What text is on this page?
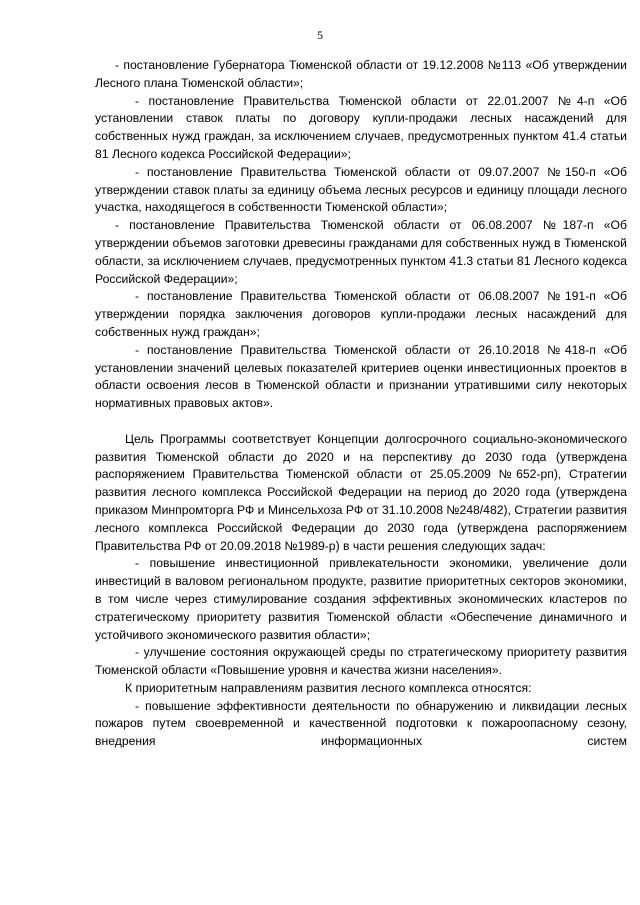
5

- постановление Губернатора Тюменской области от 19.12.2008 №113 «Об утверждении Лесного плана Тюменской области»;

- постановление Правительства Тюменской области от 22.01.2007 №4-п «Об установлении ставок платы по договору купли-продажи лесных насаждений для собственных нужд граждан, за исключением случаев, предусмотренных пунктом 41.4 статьи 81 Лесного кодекса Российской Федерации»;

- постановление Правительства Тюменской области от 09.07.2007 №150-п «Об утверждении ставок платы за единицу объема лесных ресурсов и единицу площади лесного участка, находящегося в собственности Тюменской области»;

- постановление Правительства Тюменской области от 06.08.2007 №187-п «Об утверждении объемов заготовки древесины гражданами для собственных нужд в Тюменской области, за исключением случаев, предусмотренных пунктом 41.3 статьи 81 Лесного кодекса Российской Федерации»;

- постановление Правительства Тюменской области от 06.08.2007 №191-п «Об утверждении порядка заключения договоров купли-продажи лесных насаждений для собственных нужд граждан»;

- постановление Правительства Тюменской области от 26.10.2018 №418-п «Об установлении значений целевых показателей критериев оценки инвестиционных проектов в области освоения лесов в Тюменской области и признании утратившими силу некоторых нормативных правовых актов».

Цель Программы соответствует Концепции долгосрочного социально-экономического развития Тюменской области до 2020 и на перспективу до 2030 года (утверждена распоряжением Правительства Тюменской области от 25.05.2009 №652-рп), Стратегии развития лесного комплекса Российской Федерации на период до 2020 года (утверждена приказом Минпромторга РФ и Минсельхоза РФ от 31.10.2008 №248/482), Стратегии развития лесного комплекса Российской Федерации до 2030 года (утверждена распоряжением Правительства РФ от 20.09.2018 №1989-р) в части решения следующих задач:

- повышение инвестиционной привлекательности экономики, увеличение доли инвестиций в валовом региональном продукте, развитие приоритетных секторов экономики, в том числе через стимулирование создания эффективных экономических кластеров по стратегическому приоритету развития Тюменской области «Обеспечение динамичного и устойчивого экономического развития области»;

- улучшение состояния окружающей среды по стратегическому приоритету развития Тюменской области «Повышение уровня и качества жизни населения».

К приоритетным направлениям развития лесного комплекса относятся:

- повышение эффективности деятельности по обнаружению и ликвидации лесных пожаров путем своевременной и качественной подготовки к пожароопасному сезону, внедрения информационных систем
